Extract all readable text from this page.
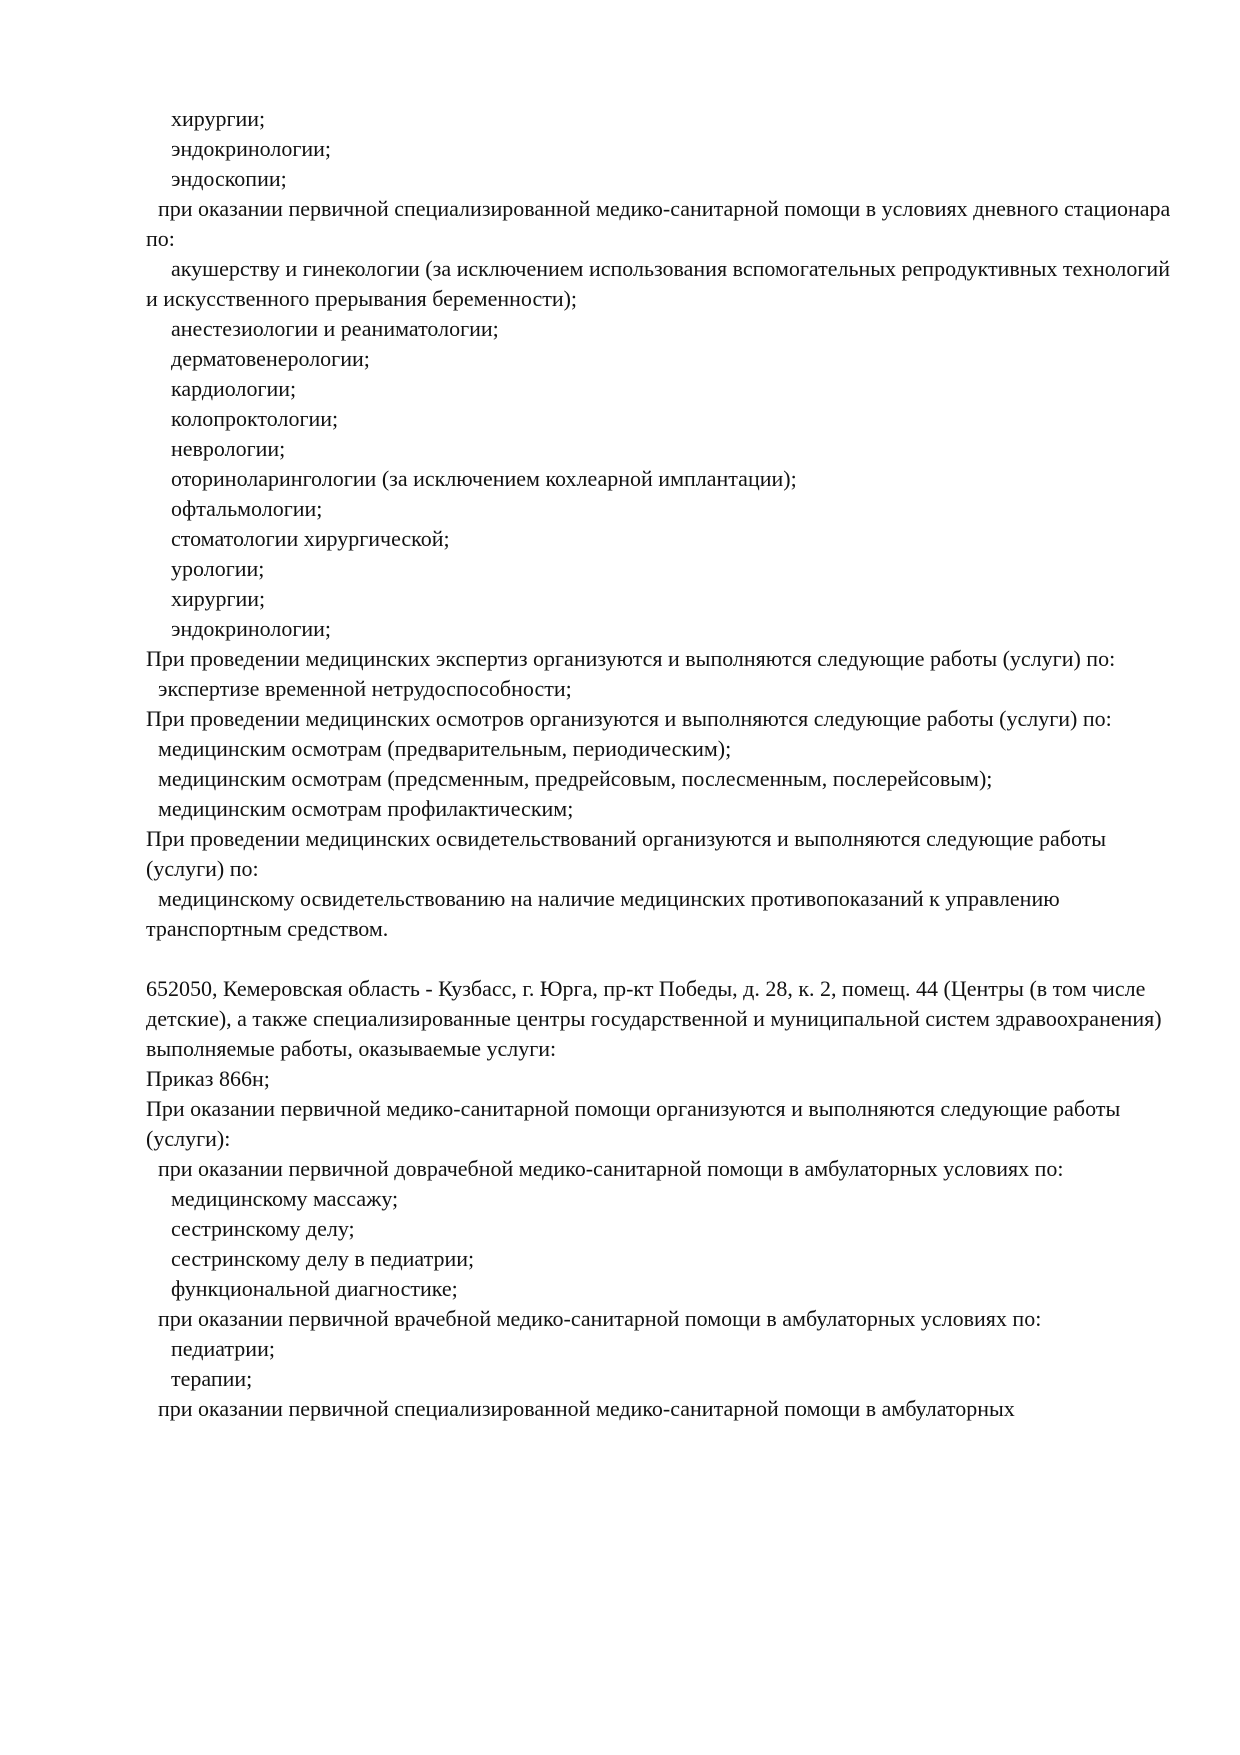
хирургии;

эндокринологии;

эндоскопии;

при оказании первичной специализированной медико-санитарной помощи в условиях дневного стационара по:

акушерству и гинекологии (за исключением использования вспомогательных репродуктивных технологий и искусственного прерывания беременности);

анестезиологии и реаниматологии;

дерматовенерологии;

кардиологии;

колопроктологии;

неврологии;

оториноларингологии (за исключением кохлеарной имплантации);

офтальмологии;

стоматологии хирургической;

урологии;

хирургии;

эндокринологии;

При проведении медицинских экспертиз организуются и выполняются следующие работы (услуги) по:

экспертизе временной нетрудоспособности;

При проведении медицинских осмотров организуются и выполняются следующие работы (услуги) по:

медицинским осмотрам (предварительным, периодическим);

медицинским осмотрам (предсменным, предрейсовым, послесменным, послерейсовым);

медицинским осмотрам профилактическим;

При проведении медицинских освидетельствований организуются и выполняются следующие работы (услуги) по:

медицинскому освидетельствованию на наличие медицинских противопоказаний к управлению транспортным средством.

652050, Кемеровская область - Кузбасс, г. Юрга, пр-кт Победы, д. 28, к. 2, помещ. 44 (Центры (в том числе детские), а также специализированные центры государственной и муниципальной систем здравоохранения)

выполняемые работы, оказываемые услуги:

Приказ 866н;

При оказании первичной медико-санитарной помощи организуются и выполняются следующие работы (услуги):

при оказании первичной доврачебной медико-санитарной помощи в амбулаторных условиях по:

медицинскому массажу;

сестринскому делу;

сестринскому делу в педиатрии;

функциональной диагностике;

при оказании первичной врачебной медико-санитарной помощи в амбулаторных условиях по:

педиатрии;

терапии;

при оказании первичной специализированной медико-санитарной помощи в амбулаторных
